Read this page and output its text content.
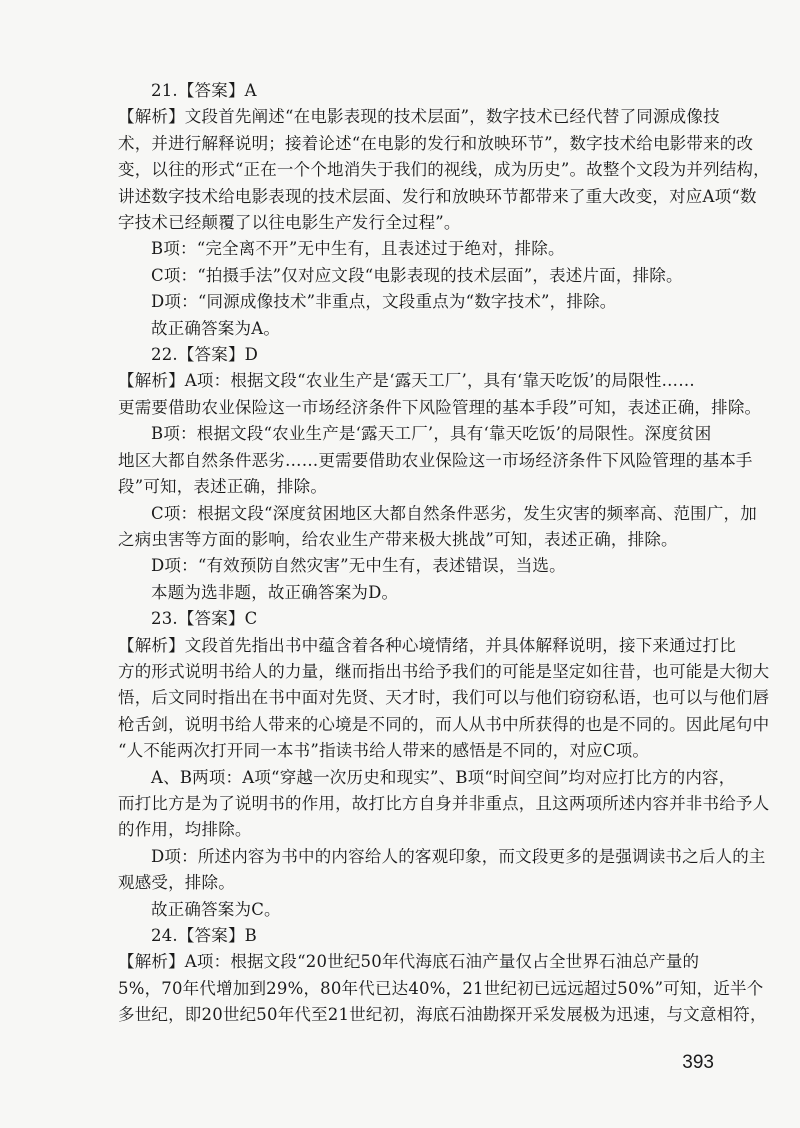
21.【答案】A
【解析】文段首先阐述“在电影表现的技术层面”，数字技术已经代替了同源成像技
术，并进行解释说明；接着论述“在电影的发行和放映环节”，数字技术给电影带来的改
变，以往的形式“正在一个个地消失于我们的视线，成为历史”。故整个文段为并列结构，
讲述数字技术给电影表现的技术层面、发行和放映环节都带来了重大改变，对应A项“数
字技术已经颠覆了以往电影生产发行全过程”。
B项：“完全离不开”无中生有，且表述过于绝对，排除。
C项：“拍摄手法”仅对应文段“电影表现的技术层面”，表述片面，排除。
D项：“同源成像技术”非重点，文段重点为“数字技术”，排除。
故正确答案为A。
22.【答案】D
【解析】A项：根据文段“农业生产是‘露天工厂’，具有‘靠天吃饭’的局限性……
更需要借助农业保险这一市场经济条件下风险管理的基本手段”可知，表述正确，排除。
B项：根据文段“农业生产是‘露天工厂’，具有‘靠天吃饭’的局限性。深度贫困
地区大都自然条件恶劣……更需要借助农业保险这一市场经济条件下风险管理的基本手
段”可知，表述正确，排除。
C项：根据文段“深度贫困地区大都自然条件恶劣，发生灾害的频率高、范围广，加
之病虫害等方面的影响，给农业生产带来极大挑战”可知，表述正确，排除。
D项：“有效预防自然灾害”无中生有，表述错误，当选。
本题为选非题，故正确答案为D。
23.【答案】C
【解析】文段首先指出书中蕴含着各种心境情绪，并具体解释说明，接下来通过打比
方的形式说明书给人的力量，继而指出书给予我们的可能是坚定如往昔，也可能是大彻大
悟，后文同时指出在书中面对先贤、天才时，我们可以与他们窃窃私语，也可以与他们唇
枪舌剑，说明书给人带来的心境是不同的，而人从书中所获得的也是不同的。因此尾句中
“人不能两次打开同一本书”指读书给人带来的感悟是不同的，对应C项。
A、B两项：A项“穿越一次历史和现实”、B项“时间空间”均对应打比方的内容，
而打比方是为了说明书的作用，故打比方自身并非重点，且这两项所述内容并非书给予人
的作用，均排除。
D项：所述内容为书中的内容给人的客观印象，而文段更多的是强调读书之后人的主
观感受，排除。
故正确答案为C。
24.【答案】B
【解析】A项：根据文段“20世纪50年代海底石油产量仅占全世界石油总产量的
5%，70年代增加到29%，80年代已达40%，21世纪初已远远超过50%”可知，近半个
多世纪，即20世纪50年代至21世纪初，海底石油勘探开采发展极为迅速，与文意相符，
393
